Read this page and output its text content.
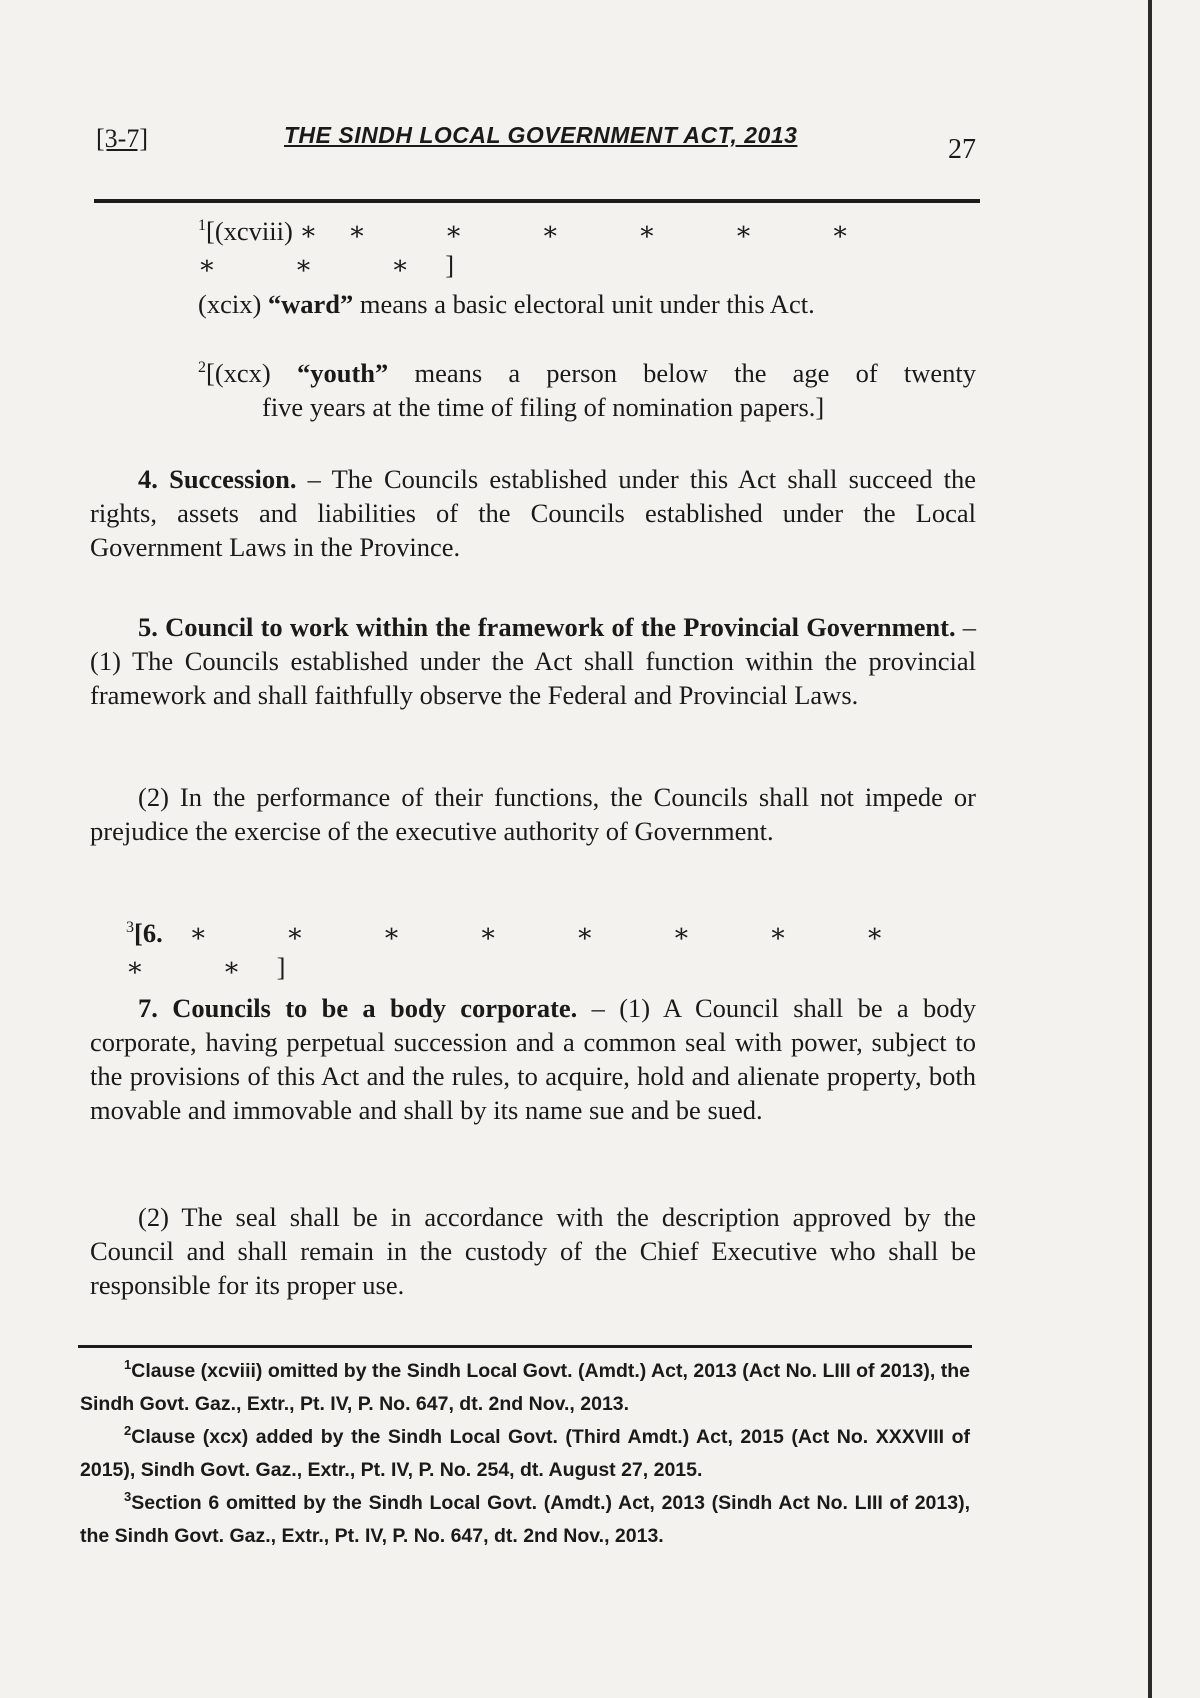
[3-7]	THE SINDH LOCAL GOVERNMENT ACT, 2013	27
$^1$[(xcviii) ∗ ∗ ∗ ∗ ∗ ∗ ∗ ∗ ∗ ∗]
(xcix) “ward” means a basic electoral unit under this Act.
$^2$[(xcx) “youth” means a person below the age of twenty
five years at the time of filing of nomination papers.]
4. Succession. – The Councils established under this Act shall succeed the rights, assets and liabilities of the Councils established under the Local Government Laws in the Province.
5. Council to work within the framework of the Provincial Government. – (1) The Councils established under the Act shall function within the provincial framework and shall faithfully observe the Federal and Provincial Laws.
(2) In the performance of their functions, the Councils shall not impede or prejudice the exercise of the executive authority of Government.
$^3$[6. ∗ ∗ ∗ ∗ ∗ ∗ ∗ ∗ ∗ ∗]
7. Councils to be a body corporate. – (1) A Council shall be a body corporate, having perpetual succession and a common seal with power, subject to the provisions of this Act and the rules, to acquire, hold and alienate property, both movable and immovable and shall by its name sue and be sued.
(2) The seal shall be in accordance with the description approved by the Council and shall remain in the custody of the Chief Executive who shall be responsible for its proper use.
$^1$Clause (xcviii) omitted by the Sindh Local Govt. (Amdt.) Act, 2013 (Act No. LIII of 2013), the Sindh Govt. Gaz., Extr., Pt. IV, P. No. 647, dt. 2nd Nov., 2013.
$^2$Clause (xcx) added by the Sindh Local Govt. (Third Amdt.) Act, 2015 (Act No. XXXVIII of 2015), Sindh Govt. Gaz., Extr., Pt. IV, P. No. 254, dt. August 27, 2015.
$^3$Section 6 omitted by the Sindh Local Govt. (Amdt.) Act, 2013 (Sindh Act No. LIII of 2013), the Sindh Govt. Gaz., Extr., Pt. IV, P. No. 647, dt. 2nd Nov., 2013.
